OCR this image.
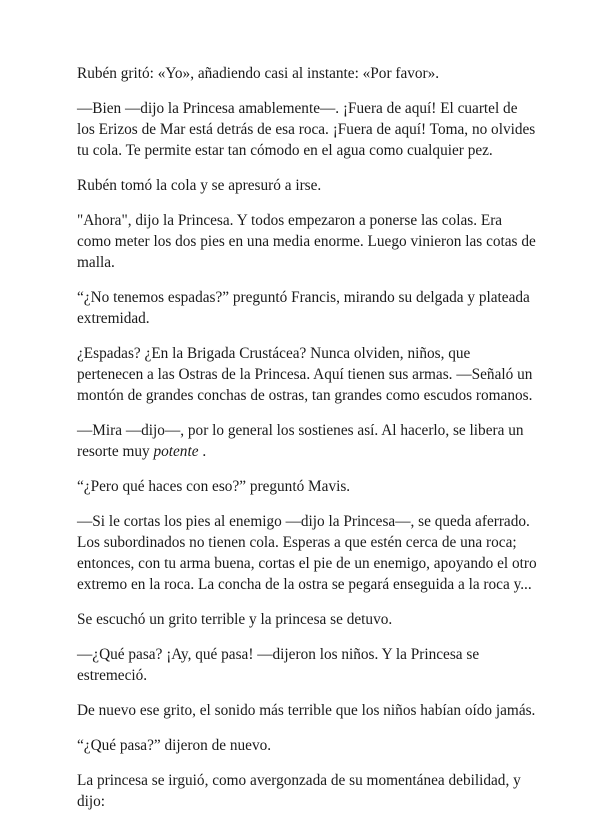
Rubén gritó: «Yo», añadiendo casi al instante: «Por favor».

—Bien —dijo la Princesa amablemente—. ¡Fuera de aquí! El cuartel de los Erizos de Mar está detrás de esa roca. ¡Fuera de aquí! Toma, no olvides tu cola. Te permite estar tan cómodo en el agua como cualquier pez.

Rubén tomó la cola y se apresuró a irse.

"Ahora", dijo la Princesa. Y todos empezaron a ponerse las colas. Era como meter los dos pies en una media enorme. Luego vinieron las cotas de malla.

“¿No tenemos espadas?” preguntó Francis, mirando su delgada y plateada extremidad.

¿Espadas? ¿En la Brigada Crustácea? Nunca olviden, niños, que pertenecen a las Ostras de la Princesa. Aquí tienen sus armas. —Señaló un montón de grandes conchas de ostras, tan grandes como escudos romanos.

—Mira —dijo—, por lo general los sostienes así. Al hacerlo, se libera un resorte muy potente .

“¿Pero qué haces con eso?” preguntó Mavis.

—Si le cortas los pies al enemigo —dijo la Princesa—, se queda aferrado. Los subordinados no tienen cola. Esperas a que estén cerca de una roca; entonces, con tu arma buena, cortas el pie de un enemigo, apoyando el otro extremo en la roca. La concha de la ostra se pegará enseguida a la roca y...

Se escuchó un grito terrible y la princesa se detuvo.

—¿Qué pasa? ¡Ay, qué pasa! —dijeron los niños. Y la Princesa se estremeció.

De nuevo ese grito, el sonido más terrible que los niños habían oído jamás.

“¿Qué pasa?” dijeron de nuevo.

La princesa se irguió, como avergonzada de su momentánea debilidad, y dijo:
